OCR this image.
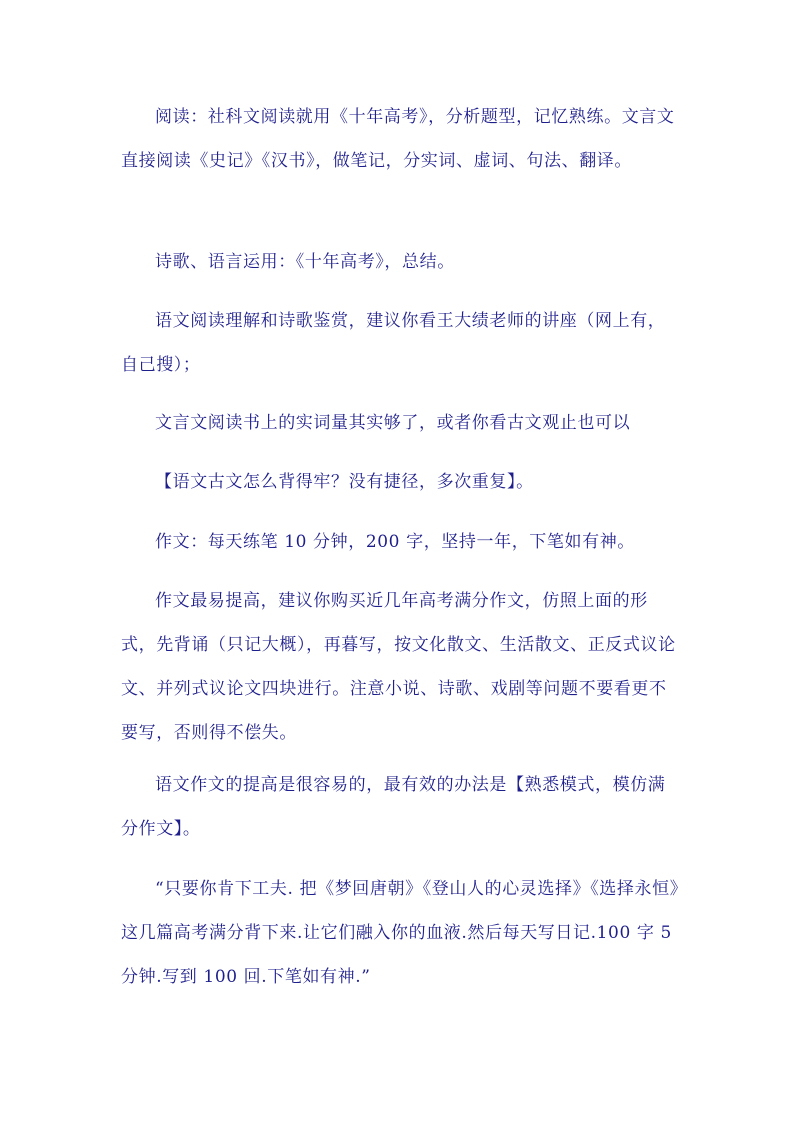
阅读：社科文阅读就用《十年高考》，分析题型，记忆熟练。文言文直接阅读《史记》《汉书》，做笔记，分实词、虚词、句法、翻译。

诗歌、语言运用：《十年高考》，总结。

语文阅读理解和诗歌鉴赏，建议你看王大绩老师的讲座（网上有，自己搜）；

文言文阅读书上的实词量其实够了，或者你看古文观止也可以

【语文古文怎么背得牢？没有捷径，多次重复】。

作文：每天练笔 10 分钟，200 字，坚持一年，下笔如有神。

作文最易提高，建议你购买近几年高考满分作文，仿照上面的形式，先背诵（只记大概），再暮写，按文化散文、生活散文、正反式议论文、并列式议论文四块进行。注意小说、诗歌、戏剧等问题不要看更不要写，否则得不偿失。

语文作文的提高是很容易的，最有效的办法是【熟悉模式，模仿满分作文】。

“只要你肯下工夫. 把《梦回唐朝》《登山人的心灵选择》《选择永恒》这几篇高考满分背下来.让它们融入你的血液.然后每天写日记.100 字 5 分钟.写到 100 回.下笔如有神.”
